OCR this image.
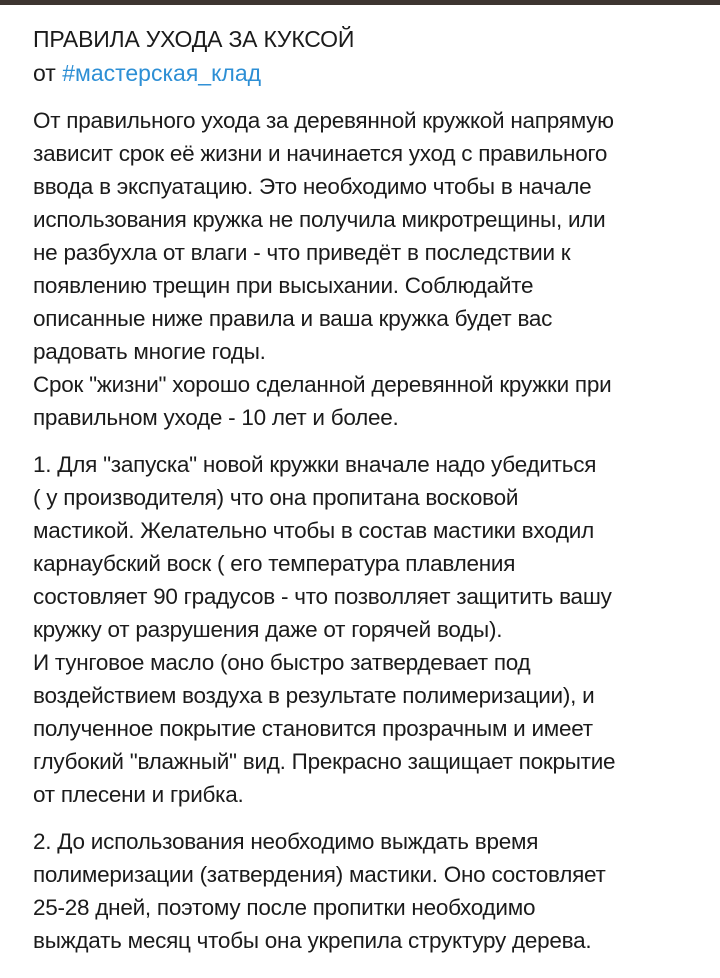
ПРАВИЛА УХОДА ЗА КУКСОЙ

от #мастерская_клад

От правильного ухода за деревянной кружкой напрямую
зависит срок её жизни и начинается уход с правильного
ввода в экспуатацию. Это необходимо чтобы в начале
использования кружка не получила микротрещины, или
не разбухла от влаги - что приведёт в последствии к
появлению трещин при высыхании. Соблюдайте
описанные ниже правила и ваша кружка будет вас
радовать многие годы.
Срок "жизни" хорошо сделанной деревянной кружки при
правильном уходе - 10 лет и более.

1. Для "запуска" новой кружки вначале надо убедиться
( у производителя) что она пропитана восковой
мастикой. Желательно чтобы в состав мастики входил
карнаубский воск ( его температура плавления
состовляет 90 градусов - что позволляет защитить вашу
кружку от разрушения даже от горячей воды).
И тунговое масло (оно быстро затвердевает под
воздействием воздуха в результате полимеризации), и
полученное покрытие становится прозрачным и имеет
глубокий "влажный" вид. Прекрасно защищает покрытие
от плесени и грибка.

2. До использования необходимо выждать время
полимеризации (затвердения) мастики. Оно состовляет
25-28 дней, поэтому после пропитки необходимо
выждать месяц чтобы она укрепила структуру дерева.
